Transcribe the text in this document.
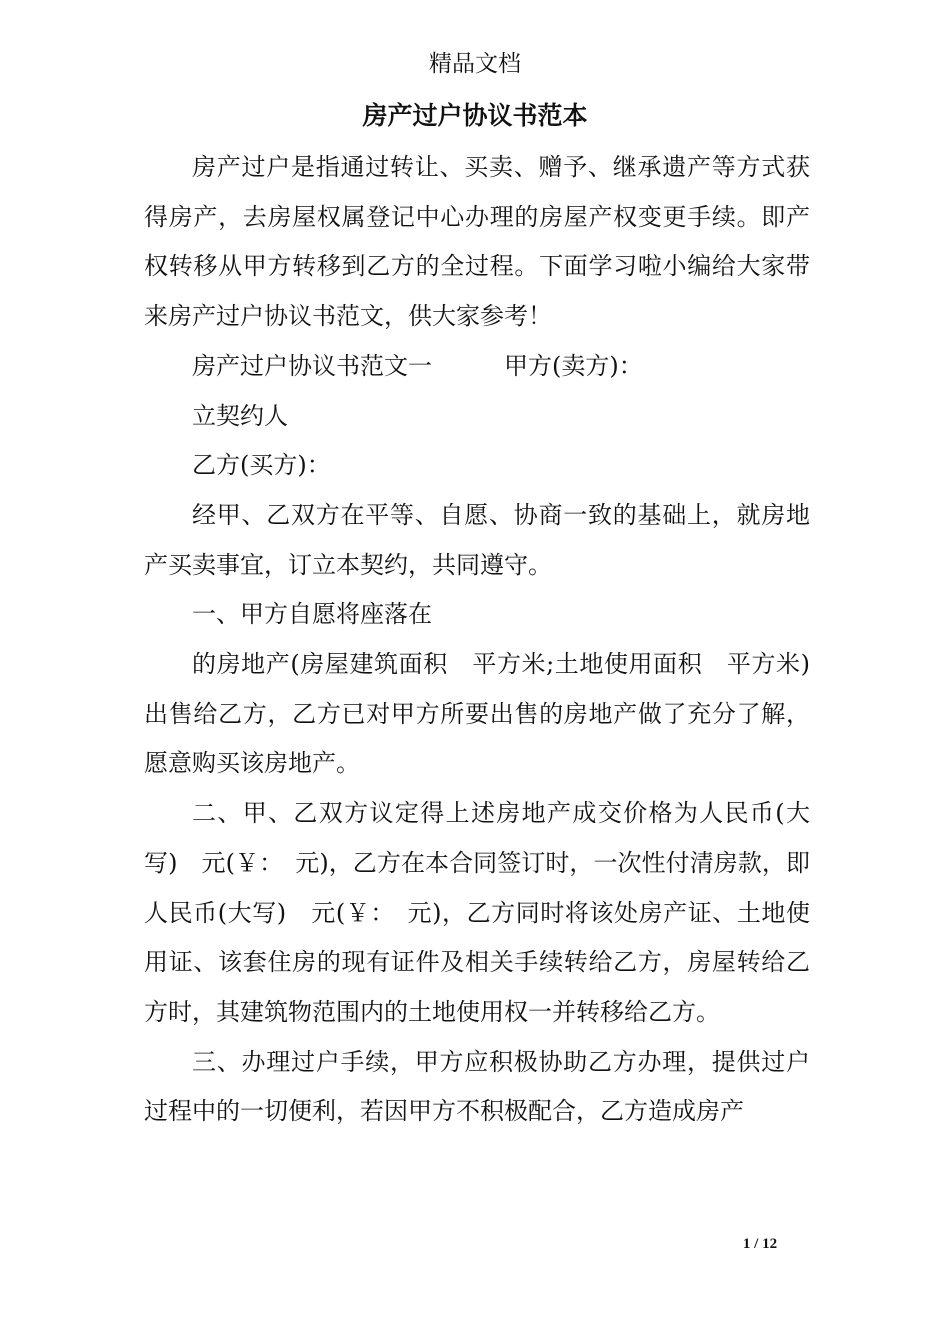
精品文档
房产过户协议书范本

房产过户是指通过转让、买卖、赠予、继承遗产等方式获得房产，去房屋权属登记中心办理的房屋产权变更手续。即产权转移从甲方转移到乙方的全过程。下面学习啦小编给大家带来房产过户协议书范文，供大家参考！

房产过户协议书范文一　　　甲方(卖方)：

立契约人

乙方(买方)：

经甲、乙双方在平等、自愿、协商一致的基础上，就房地产买卖事宜，订立本契约，共同遵守。

一、甲方自愿将座落在

的房地产(房屋建筑面积　平方米;土地使用面积　平方米)出售给乙方，乙方已对甲方所要出售的房地产做了充分了解，愿意购买该房地产。

二、甲、乙双方议定得上述房地产成交价格为人民币(大写)　元(￥：　元)，乙方在本合同签订时，一次性付清房款，即人民币(大写)　元(￥：　元)，乙方同时将该处房产证、土地使用证、该套住房的现有证件及相关手续转给乙方，房屋转给乙方时，其建筑物范围内的土地使用权一并转移给乙方。

三、办理过户手续，甲方应积极协助乙方办理，提供过户过程中的一切便利，若因甲方不积极配合，乙方造成房产

1 / 12
